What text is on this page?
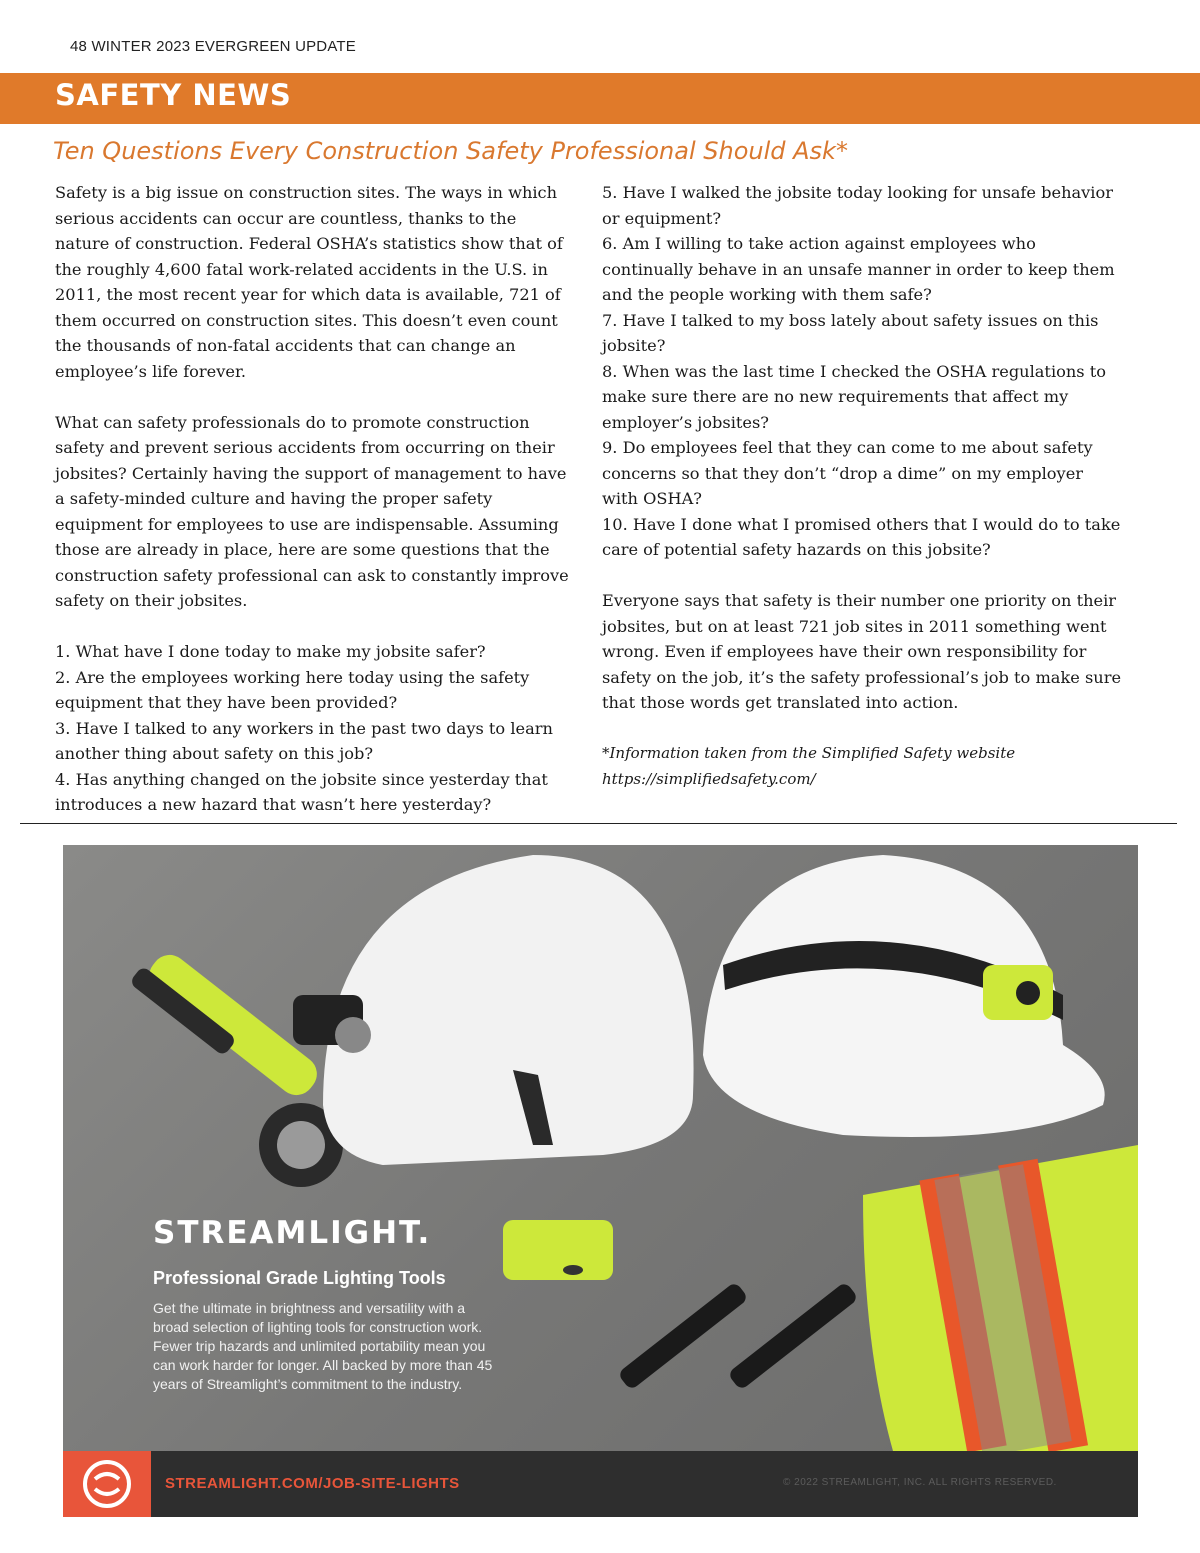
48 WINTER 2023 EVERGREEN UPDATE
SAFETY NEWS
Ten Questions Every Construction Safety Professional Should Ask*

Safety is a big issue on construction sites. The ways in which serious accidents can occur are countless, thanks to the nature of construction. Federal OSHA’s statistics show that of the roughly 4,600 fatal work-related accidents in the U.S. in 2011, the most recent year for which data is available, 721 of them occurred on construction sites. This doesn’t even count the thousands of non-fatal accidents that can change an employee’s life forever.

What can safety professionals do to promote construction safety and prevent serious accidents from occurring on their jobsites? Certainly having the support of management to have a safety-minded culture and having the proper safety equipment for employees to use are indispensable. Assuming those are already in place, here are some questions that the construction safety professional can ask to constantly improve safety on their jobsites.

1. What have I done today to make my jobsite safer?

2. Are the employees working here today using the safety equipment that they have been provided?

3. Have I talked to any workers in the past two days to learn another thing about safety on this job?

4. Has anything changed on the jobsite since yesterday that introduces a new hazard that wasn’t here yesterday?

5. Have I walked the jobsite today looking for unsafe behavior or equipment?

6. Am I willing to take action against employees who continually behave in an unsafe manner in order to keep them and the people working with them safe?

7. Have I talked to my boss lately about safety issues on this jobsite?

8. When was the last time I checked the OSHA regulations to make sure there are no new requirements that affect my employer’s jobsites?

9. Do employees feel that they can come to me about safety concerns so that they don’t “drop a dime” on my employer with OSHA?

10. Have I done what I promised others that I would do to take care of potential safety hazards on this jobsite?

Everyone says that safety is their number one priority on their jobsites, but on at least 721 job sites in 2011 something went wrong. Even if employees have their own responsibility for safety on the job, it’s the safety professional’s job to make sure that those words get translated into action.

*Information taken from the Simplified Safety website

https://simplifiedsafety.com/

STREAMLIGHT.
Professional Grade Lighting Tools
Get the ultimate in brightness and versatility with a broad selection of lighting tools for construction work. Fewer trip hazards and unlimited portability mean you can work harder for longer. All backed by more than 45 years of Streamlight’s commitment to the industry.
STREAMLIGHT.COM/JOB-SITE-LIGHTS	© 2022 STREAMLIGHT, INC. ALL RIGHTS RESERVED.
